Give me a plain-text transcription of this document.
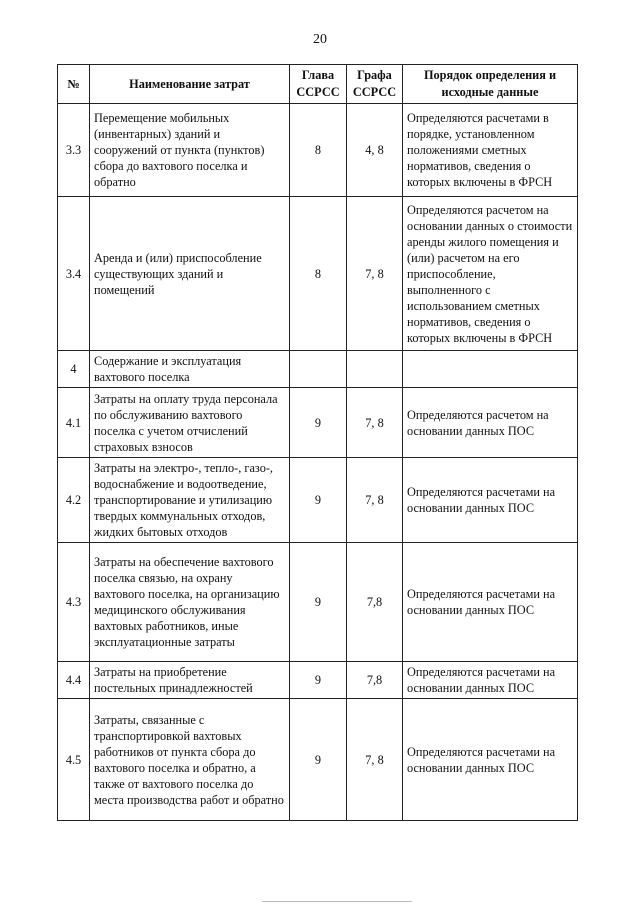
20
№	Наименование затрат	Глава ССРСС	Графа ССРСС	Порядок определения и исходные данные
3.3	Перемещение мобильных (инвентарных) зданий и сооружений от пункта (пунктов) сбора до вахтового поселка и обратно	8	4, 8	Определяются расчетами в порядке, установленном положениями сметных нормативов, сведения о которых включены в ФРСН
3.4	Аренда и (или) приспособление существующих зданий и помещений	8	7, 8	Определяются расчетом на основании данных о стоимости аренды жилого помещения и (или) расчетом на его приспособление, выполненного с использованием сметных нормативов, сведения о которых включены в ФРСН
4	Содержание и эксплуатация вахтового поселка			
4.1	Затраты на оплату труда персонала по обслуживанию вахтового поселка с учетом отчислений страховых взносов	9	7, 8	Определяются расчетом на основании данных ПОС
4.2	Затраты на электро-, тепло-, газо-, водоснабжение и водоотведение, транспортирование и утилизацию твердых коммунальных отходов, жидких бытовых отходов	9	7, 8	Определяются расчетами на основании данных ПОС
4.3	Затраты на обеспечение вахтового поселка связью, на охрану вахтового поселка, на организацию медицинского обслуживания вахтовых работников, иные эксплуатационные затраты	9	7,8	Определяются расчетами на основании данных ПОС
4.4	Затраты на приобретение постельных принадлежностей	9	7,8	Определяются расчетами на основании данных ПОС
4.5	Затраты, связанные с транспортировкой вахтовых работников от пункта сбора до вахтового поселка и обратно, а также от вахтового поселка до места производства работ и обратно	9	7, 8	Определяются расчетами на основании данных ПОС
